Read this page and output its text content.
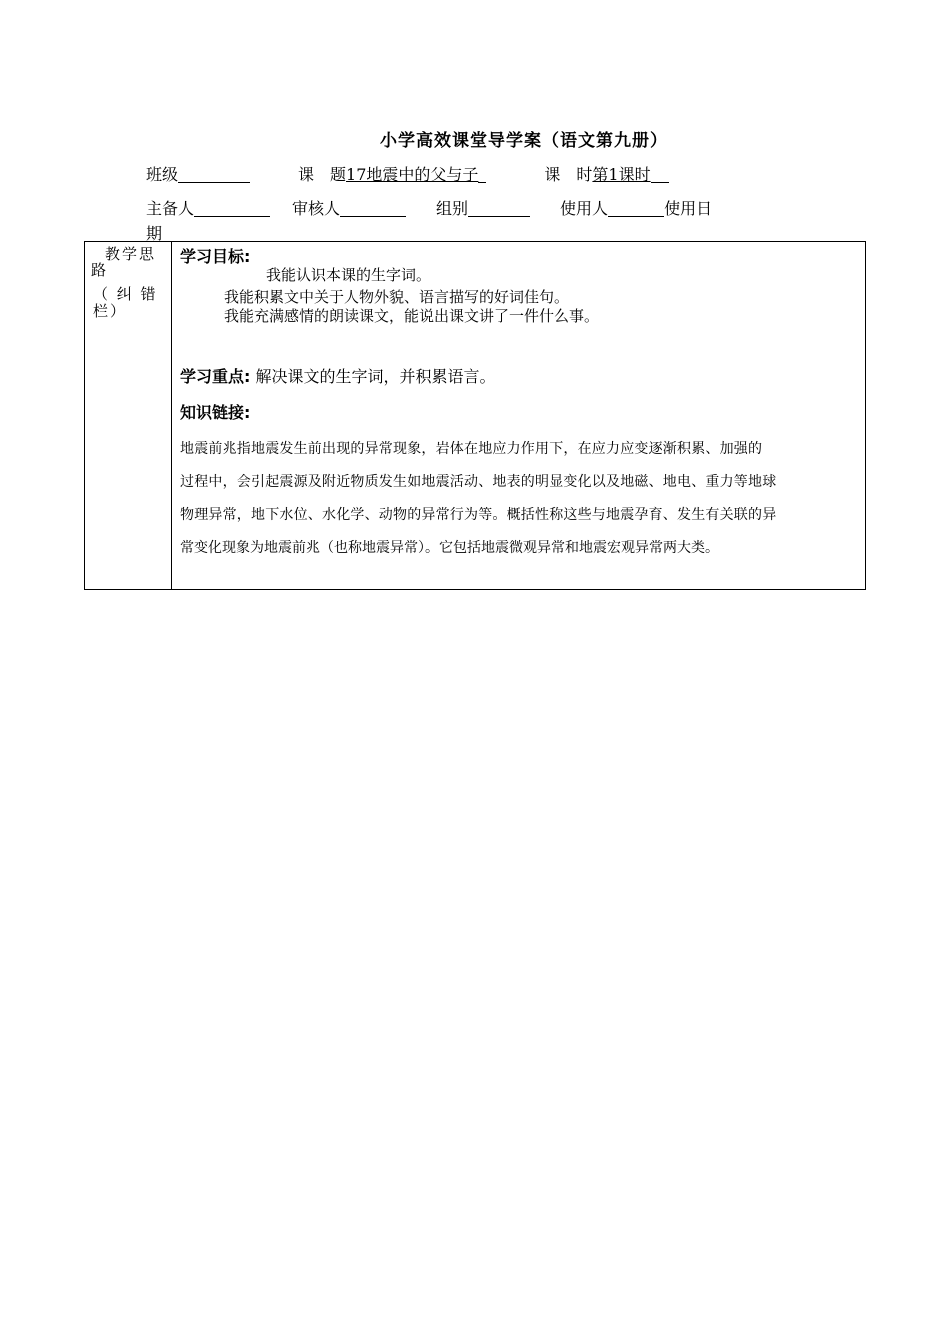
小学高效课堂导学案（语文第九册）
班级	课　题17地震中的父与子	课　时第1课时
主备人	审核人	组别	使用人	使用日
期
教学思
路
（ 纠 错
栏）

学习目标:
我能认识本课的生字词。
我能积累文中关于人物外貌、语言描写的好词佳句。
我能充满感情的朗读课文，能说出课文讲了一件什么事。
学习重点: 解决课文的生字词，并积累语言。
知识链接:
地震前兆指地震发生前出现的异常现象，岩体在地应力作用下，在应力应变逐渐积累、加强的
过程中，会引起震源及附近物质发生如地震活动、地表的明显变化以及地磁、地电、重力等地球
物理异常，地下水位、水化学、动物的异常行为等。概括性称这些与地震孕育、发生有关联的异
常变化现象为地震前兆（也称地震异常）。它包括地震微观异常和地震宏观异常两大类。
